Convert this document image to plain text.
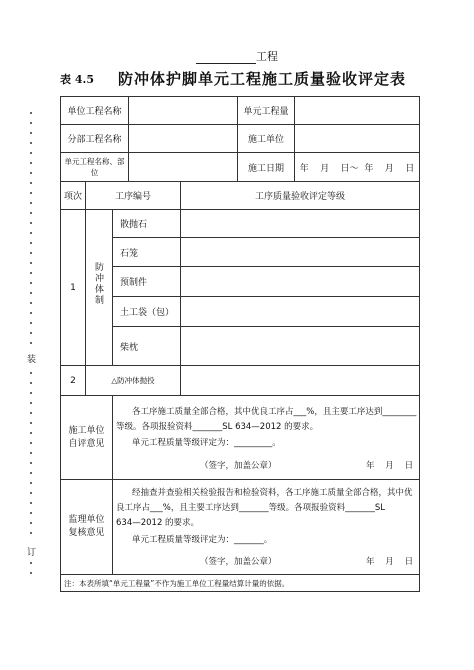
工程
表 4.5 防冲体护脚单元工程施工质量验收评定表
装
订
单位工程名称	单元工程量
分部工程名称	施工单位
单元工程名称、部位	施工日期	年    月    日～  年    月    日
项次	工序编号	工序质量验收评定等级
1	防冲体制
散抛石
石笼
预制件
土工袋（包）
柴枕
2	△防冲体抛投
施工单位自评意见
各工序施工质量全部合格，其中优良工序占___%，且主要工序达到________
等级。各项报验资料_______SL 634—2012 的要求。
单元工程质量等级评定为：_________。
（签字，加盖公章）	年    月    日
监理单位复核意见
经抽查并查验相关检验报告和检验资料，各工序施工质量全部合格，其中优
良工序占___%，且主要工序达到_______等级。各项报验资料_______SL
634—2012 的要求。
单元工程质量等级评定为：_______。
（签字，加盖公章）	年    月    日
注：本表所填“单元工程量”不作为施工单位工程量结算计量的依据。
